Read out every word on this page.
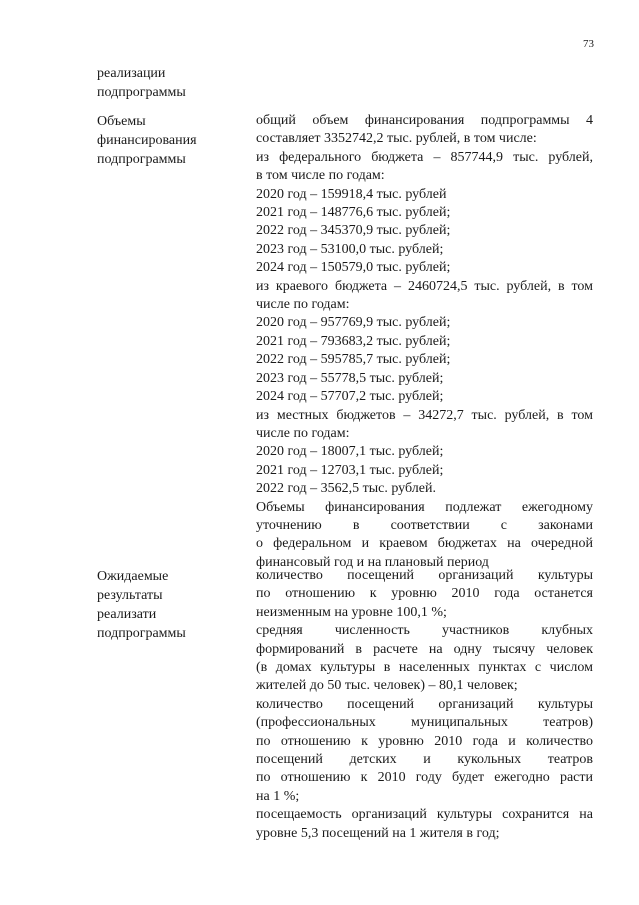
73
реализации
подпрограммы
Объемы
финансирования
подпрограммы
общий объем финансирования подпрограммы 4
составляет 3352742,2 тыс. рублей, в том числе:
из федерального бюджета – 857744,9 тыс. рублей,
в том числе по годам:
2020 год – 159918,4 тыс. рублей
2021 год – 148776,6 тыс. рублей;
2022 год – 345370,9 тыс. рублей;
2023 год – 53100,0 тыс. рублей;
2024 год – 150579,0 тыс. рублей;
из краевого бюджета – 2460724,5 тыс. рублей, в том
числе по годам:
2020 год – 957769,9 тыс. рублей;
2021 год – 793683,2 тыс. рублей;
2022 год – 595785,7 тыс. рублей;
2023 год – 55778,5 тыс. рублей;
2024 год – 57707,2 тыс. рублей;
из местных бюджетов – 34272,7 тыс. рублей, в том
числе по годам:
2020 год – 18007,1 тыс. рублей;
2021 год – 12703,1 тыс. рублей;
2022 год – 3562,5 тыс. рублей.
Объемы финансирования подлежат ежегодному
уточнению в соответствии с законами
о федеральном и краевом бюджетах на очередной
финансовый год и на плановый период
Ожидаемые
результаты
реализати
подпрограммы
количество посещений организаций культуры
по отношению к уровню 2010 года останется
неизменным на уровне 100,1 %;
средняя численность участников клубных
формирований в расчете на одну тысячу человек
(в домах культуры в населенных пунктах с числом
жителей до 50 тыс. человек) – 80,1 человек;
количество посещений организаций культуры
(профессиональных муниципальных театров)
по отношению к уровню 2010 года и количество
посещений детских и кукольных театров
по отношению к 2010 году будет ежегодно расти
на 1 %;
посещаемость организаций культуры сохранится на
уровне 5,3 посещений на 1 жителя в год;
